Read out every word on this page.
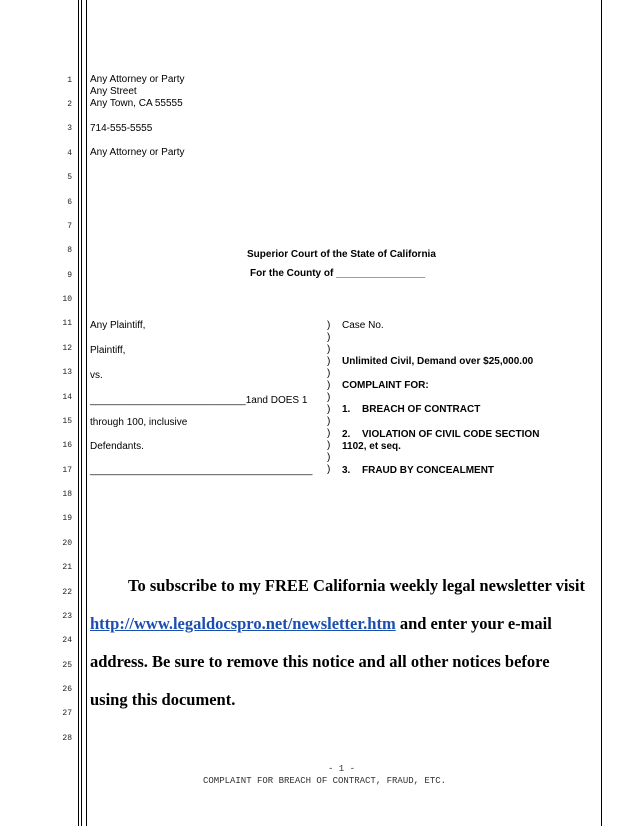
1
2
3
4
5
6
7
8
9
10
11
12
13
14
15
16
17
18
19
20
21
22
23
24
25
26
27
28
Any Attorney or Party
Any Street
Any Town, CA 55555
714-555-5555
Any Attorney or Party
Superior Court of the State of California
For the County of ________________
Any Plaintiff,
Plaintiff,
vs.
____________________________1and DOES 1
through 100, inclusive
Defendants.
________________________________________
)
)
)
)
)
)
)
)
)
)
)
)
)
Case No.
Unlimited Civil, Demand over $25,000.00
COMPLAINT FOR:
1. BREACH OF CONTRACT
2. VIOLATION OF CIVIL CODE SECTION
1102, et seq.
3. FRAUD BY CONCEALMENT
To subscribe to my FREE California weekly legal newsletter visit
http://www.legaldocspro.net/newsletter.htm and enter your e-mail
address. Be sure to remove this notice and all other notices before
using this document.
- 1 -
COMPLAINT FOR BREACH OF CONTRACT, FRAUD, ETC.
